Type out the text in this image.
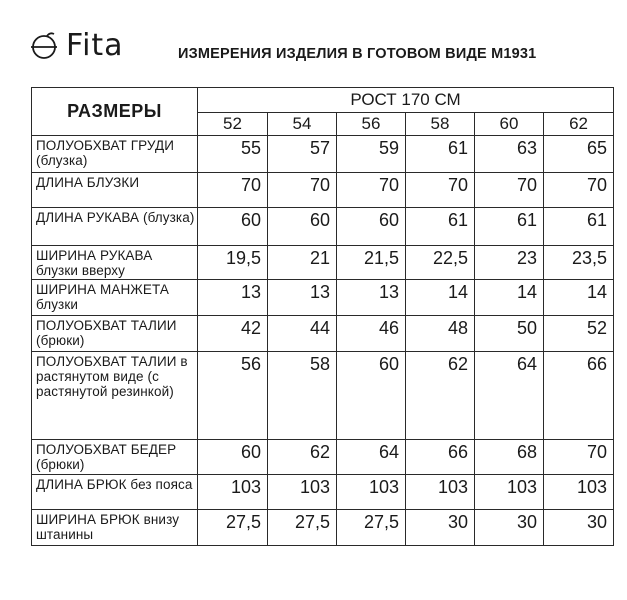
Fita	ИЗМЕРЕНИЯ ИЗДЕЛИЯ В ГОТОВОМ ВИДЕ М1931
РАЗМЕРЫ	РОСТ 170 СМ					
	52	54	56	58	60	62
ПОЛУОБХВАТ ГРУДИ (блузка)	55	57	59	61	63	65
ДЛИНА БЛУЗКИ	70	70	70	70	70	70
ДЛИНА РУКАВА (блузка)	60	60	60	61	61	61
ШИРИНА РУКАВА блузки вверху	19,5	21	21,5	22,5	23	23,5
ШИРИНА МАНЖЕТА блузки	13	13	13	14	14	14
ПОЛУОБХВАТ ТАЛИИ (брюки)	42	44	46	48	50	52
ПОЛУОБХВАТ ТАЛИИ в растянутом виде (с растянутой резинкой)	56	58	60	62	64	66
ПОЛУОБХВАТ БЕДЕР (брюки)	60	62	64	66	68	70
ДЛИНА БРЮК без пояса	103	103	103	103	103	103
ШИРИНА БРЮК внизу штанины	27,5	27,5	27,5	30	30	30
